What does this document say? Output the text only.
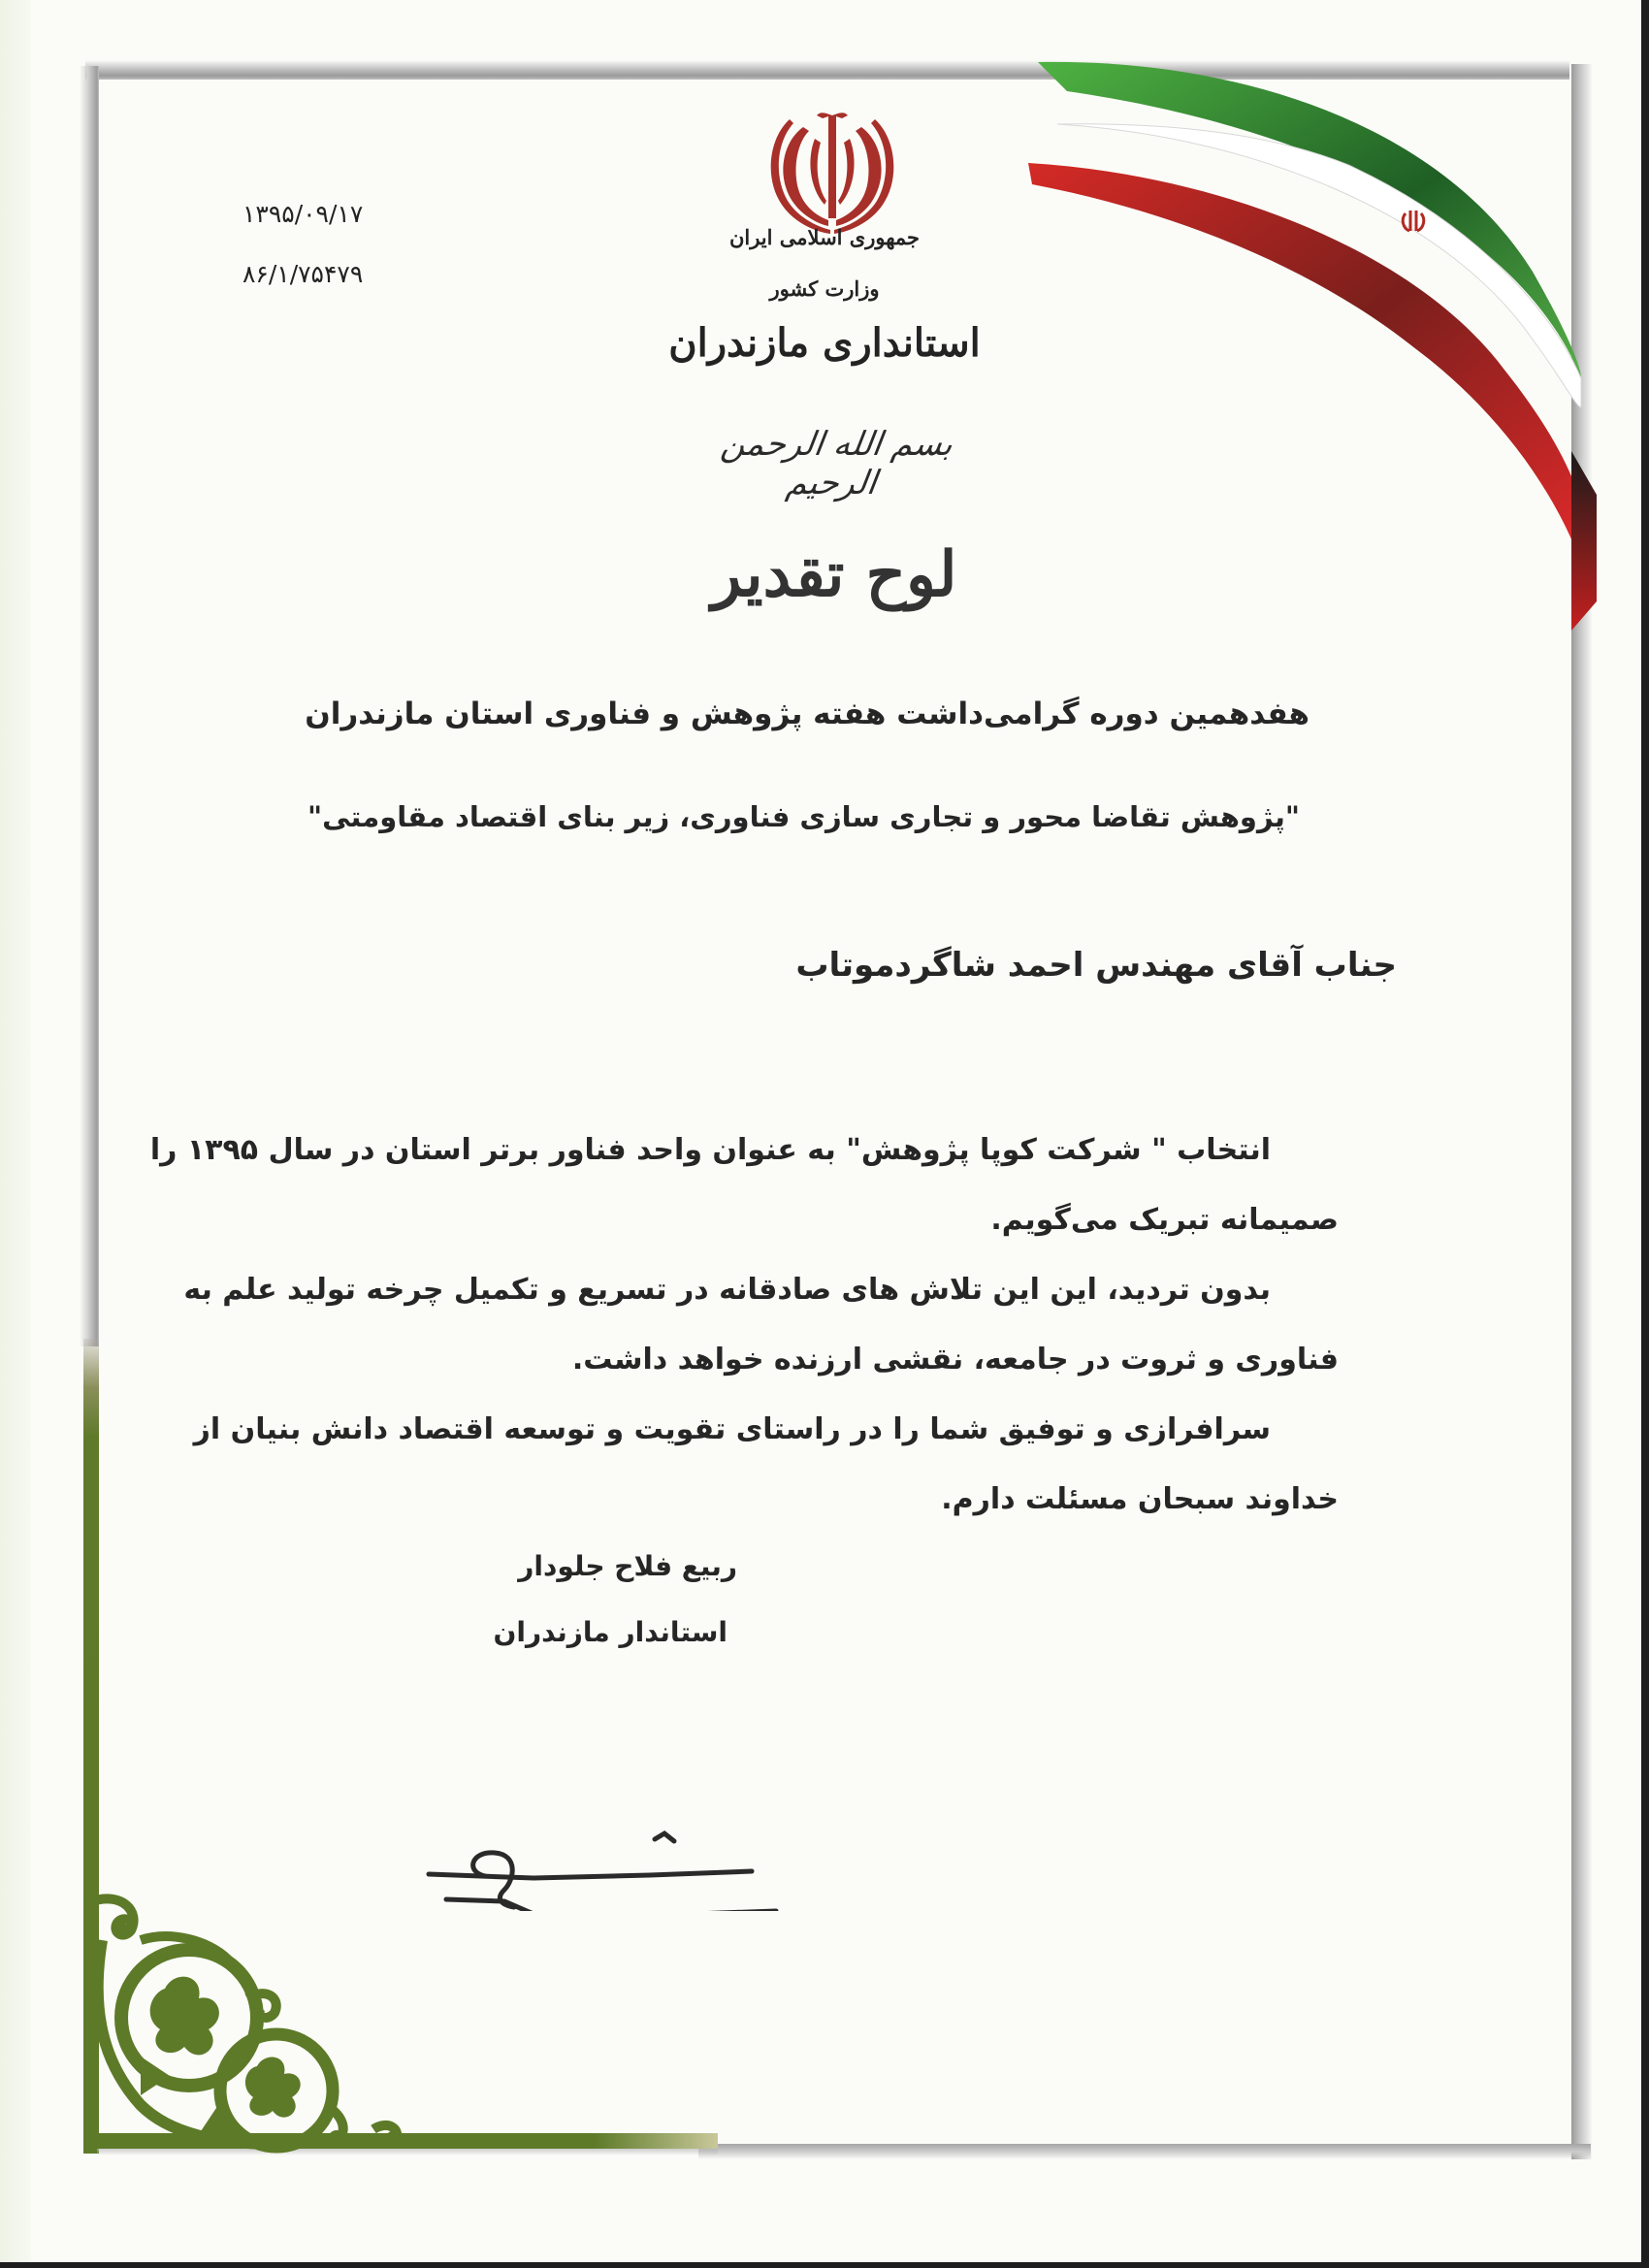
۱۳۹۵/۰۹/۱۷
۸۶/۱/۷۵۴۷۹
جمهوری اسلامی ایران
وزارت کشور
استانداری مازندران
بسم الله الرحمن الرحیم
لوح تقدیر
هفدهمین دوره گرامی‌داشت هفته پژوهش و فناوری استان مازندران
"پژوهش تقاضا محور و تجاری سازی فناوری، زیر بنای اقتصاد مقاومتی"
جناب آقای مهندس احمد شاگردموتاب
انتخاب " شرکت کوپا پژوهش" به عنوان واحد فناور برتر استان در سال ۱۳۹۵ را
صمیمانه تبریک می‌گویم.
بدون تردید، این این تلاش های صادقانه در تسریع و تکمیل چرخه تولید علم به
فناوری و ثروت در جامعه، نقشی ارزنده خواهد داشت.
سرافرازی و توفیق شما را در راستای تقویت و توسعه اقتصاد دانش بنیان از
خداوند سبحان مسئلت دارم.
ربیع فلاح جلودار
استاندار مازندران
